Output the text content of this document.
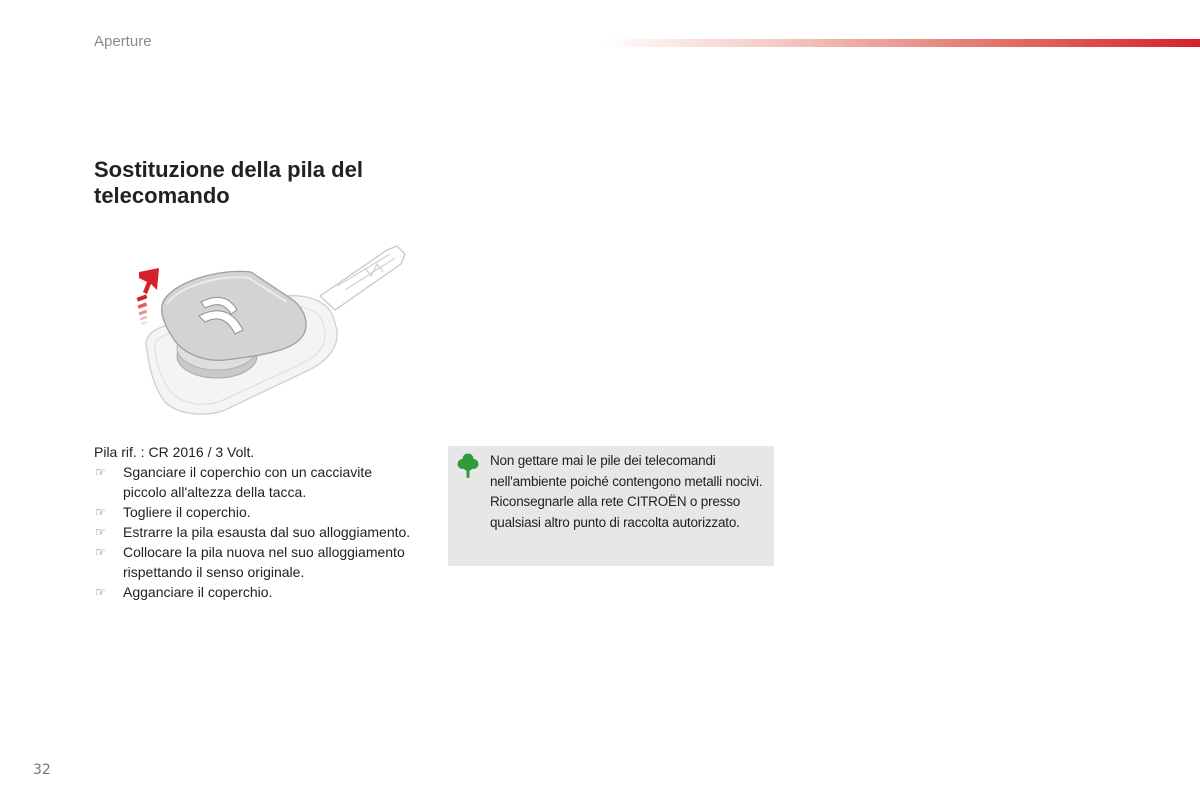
Aperture
Sostituzione della pila del telecomando

Pila rif. : CR 2016 / 3 Volt.

☞ Sganciare il coperchio con un cacciavite piccolo all'altezza della tacca.
☞ Togliere il coperchio.
☞ Estrarre la pila esausta dal suo alloggiamento.
☞ Collocare la pila nuova nel suo alloggiamento rispettando il senso originale.
☞ Agganciare il coperchio.

Non gettare mai le pile dei telecomandi nell'ambiente poiché contengono metalli nocivi.

Riconsegnarle alla rete CITROËN o presso qualsiasi altro punto di raccolta autorizzato.

32
